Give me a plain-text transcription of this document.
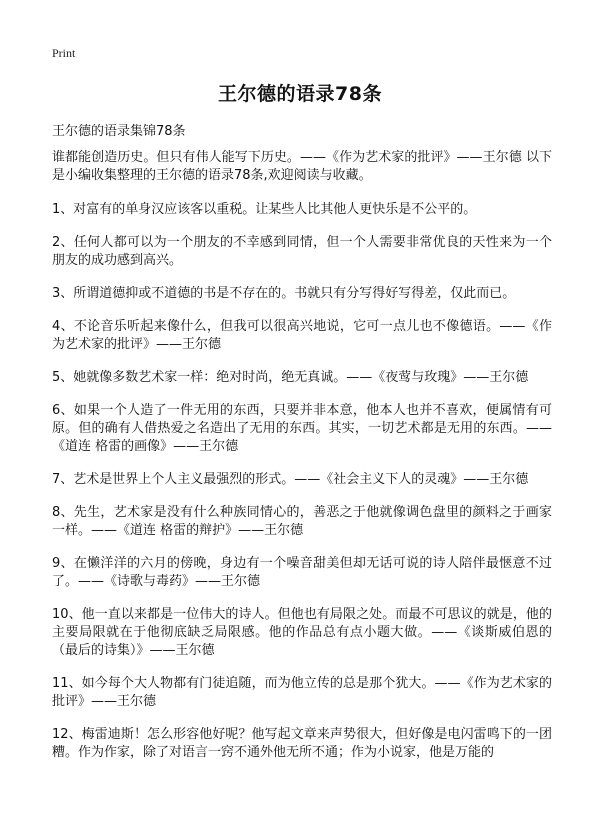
Print
王尔德的语录78条
王尔德的语录集锦78条

谁都能创造历史。但只有伟人能写下历史。——《作为艺术家的批评》——王尔德 以下是小编收集整理的王尔德的语录78条,欢迎阅读与收藏。

1、对富有的单身汉应该客以重税。让某些人比其他人更快乐是不公平的。

2、任何人都可以为一个朋友的不幸感到同情，但一个人需要非常优良的天性来为一个朋友的成功感到高兴。

3、所谓道德抑或不道德的书是不存在的。书就只有分写得好写得差，仅此而已。

4、不论音乐听起来像什么，但我可以很高兴地说，它可一点儿也不像德语。——《作为艺术家的批评》——王尔德

5、她就像多数艺术家一样：绝对时尚，绝无真诚。——《夜莺与玫瑰》——王尔德

6、如果一个人造了一件无用的东西，只要并非本意，他本人也并不喜欢，便属情有可原。但的确有人借热爱之名造出了无用的东西。其实，一切艺术都是无用的东西。——《道连 格雷的画像》——王尔德

7、艺术是世界上个人主义最强烈的形式。——《社会主义下人的灵魂》——王尔德

8、先生，艺术家是没有什么种族同情心的，善恶之于他就像调色盘里的颜料之于画家一样。——《道连 格雷的辩护》——王尔德

9、在懒洋洋的六月的傍晚，身边有一个噪音甜美但却无话可说的诗人陪伴最惬意不过了。——《诗歌与毒药》——王尔德

10、他一直以来都是一位伟大的诗人。但他也有局限之处。而最不可思议的就是，他的主要局限就在于他彻底缺乏局限感。他的作品总有点小题大做。——《谈斯威伯恩的（最后的诗集）》——王尔德

11、如今每个大人物都有门徒追随，而为他立传的总是那个犹大。——《作为艺术家的批评》——王尔德

12、梅雷迪斯！怎么形容他好呢？他写起文章来声势很大，但好像是电闪雷鸣下的一团糟。作为作家，除了对语言一窍不通外他无所不通；作为小说家，他是万能的
